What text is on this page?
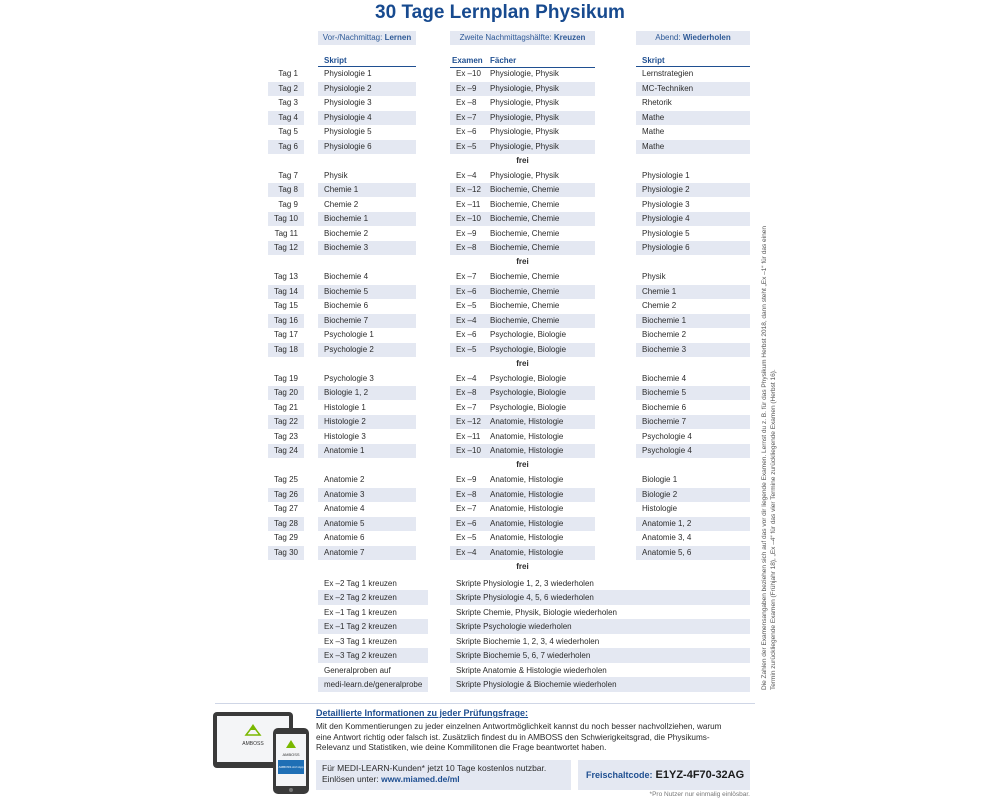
30 Tage Lernplan Physikum
Vor-/Nachmittag: Lernen	Zweite Nachmittagshälfte: Kreuzen	Abend: Wiederholen
Skript	Examen Fächer	Skript
Tag 1	Physiologie 1	Ex –10	Physiologie, Physik	Lernstrategien
Tag 2	Physiologie 2	Ex –9	Physiologie, Physik	MC-Techniken
Tag 3	Physiologie 3	Ex –8	Physiologie, Physik	Rhetorik
Tag 4	Physiologie 4	Ex –7	Physiologie, Physik	Mathe
Tag 5	Physiologie 5	Ex –6	Physiologie, Physik	Mathe
Tag 6	Physiologie 6	Ex –5	Physiologie, Physik	Mathe
frei
Tag 7	Physik	Ex –4	Physiologie, Physik	Physiologie 1
Tag 8	Chemie 1	Ex –12	Biochemie, Chemie	Physiologie 2
Tag 9	Chemie 2	Ex –11	Biochemie, Chemie	Physiologie 3
Tag 10	Biochemie 1	Ex –10	Biochemie, Chemie	Physiologie 4
Tag 11	Biochemie 2	Ex –9	Biochemie, Chemie	Physiologie 5
Tag 12	Biochemie 3	Ex –8	Biochemie, Chemie	Physiologie 6
frei
Tag 13	Biochemie 4	Ex –7	Biochemie, Chemie	Physik
Tag 14	Biochemie 5	Ex –6	Biochemie, Chemie	Chemie 1
Tag 15	Biochemie 6	Ex –5	Biochemie, Chemie	Chemie 2
Tag 16	Biochemie 7	Ex –4	Biochemie, Chemie	Biochemie 1
Tag 17	Psychologie 1	Ex –6	Psychologie, Biologie	Biochemie 2
Tag 18	Psychologie 2	Ex –5	Psychologie, Biologie	Biochemie 3
frei
Tag 19	Psychologie 3	Ex –4	Psychologie, Biologie	Biochemie 4
Tag 20	Biologie 1, 2	Ex –8	Psychologie, Biologie	Biochemie 5
Tag 21	Histologie 1	Ex –7	Psychologie, Biologie	Biochemie 6
Tag 22	Histologie 2	Ex –12	Anatomie, Histologie	Biochemie 7
Tag 23	Histologie 3	Ex –11	Anatomie, Histologie	Psychologie 4
Tag 24	Anatomie 1	Ex –10	Anatomie, Histologie	Psychologie 4
frei
Tag 25	Anatomie 2	Ex –9	Anatomie, Histologie	Biologie 1
Tag 26	Anatomie 3	Ex –8	Anatomie, Histologie	Biologie 2
Tag 27	Anatomie 4	Ex –7	Anatomie, Histologie	Histologie
Tag 28	Anatomie 5	Ex –6	Anatomie, Histologie	Anatomie 1, 2
Tag 29	Anatomie 6	Ex –5	Anatomie, Histologie	Anatomie 3, 4
Tag 30	Anatomie 7	Ex –4	Anatomie, Histologie	Anatomie 5, 6
frei
Ex –2 Tag 1 kreuzen	Skripte Physiologie 1, 2, 3 wiederholen
Ex –2 Tag 2 kreuzen	Skripte Physiologie 4, 5, 6 wiederholen
Ex –1 Tag 1 kreuzen	Skripte Chemie, Physik, Biologie wiederholen
Ex –1 Tag 2 kreuzen	Skripte Psychologie wiederholen
Ex –3 Tag 1 kreuzen	Skripte Biochemie 1, 2, 3, 4 wiederholen
Ex –3 Tag 2 kreuzen	Skripte Biochemie 5, 6, 7 wiederholen
Generalproben auf	Skripte Anatomie & Histologie wiederholen
medi-learn.de/generalprobe	Skripte Physiologie & Biochemie wiederholen	Die Zahlen der Examensangaben beziehen sich auf das vor dir liegende Examen. Lernst du z. B. für das Physikum Herbst 2018, dann steht „Ex –1“ für das einen Termin zurückliegende Examen (Frühjahr 18), „Ex –4“ für das vier Termine zurückliegende Examen (Herbst 16).
AMBOSS
AMBOSS
AMBOSS Arzt App
Detaillierte Informationen zu jeder Prüfungsfrage:
Mit den Kommentierungen zu jeder einzelnen Antwortmöglichkeit kannst du noch besser nachvollziehen, warum eine Antwort richtig oder falsch ist. Zusätzlich findest du in AMBOSS den Schwierigkeitsgrad, die Physikums-Relevanz und Statistiken, wie deine Kommilitonen die Frage beantwortet haben.
Für MEDI-LEARN-Kunden* jetzt 10 Tage kostenlos nutzbar.
Einlösen unter: www.miamed.de/ml	Freischaltcode: E1YZ-4F70-32AG
*Pro Nutzer nur einmalig einlösbar.
